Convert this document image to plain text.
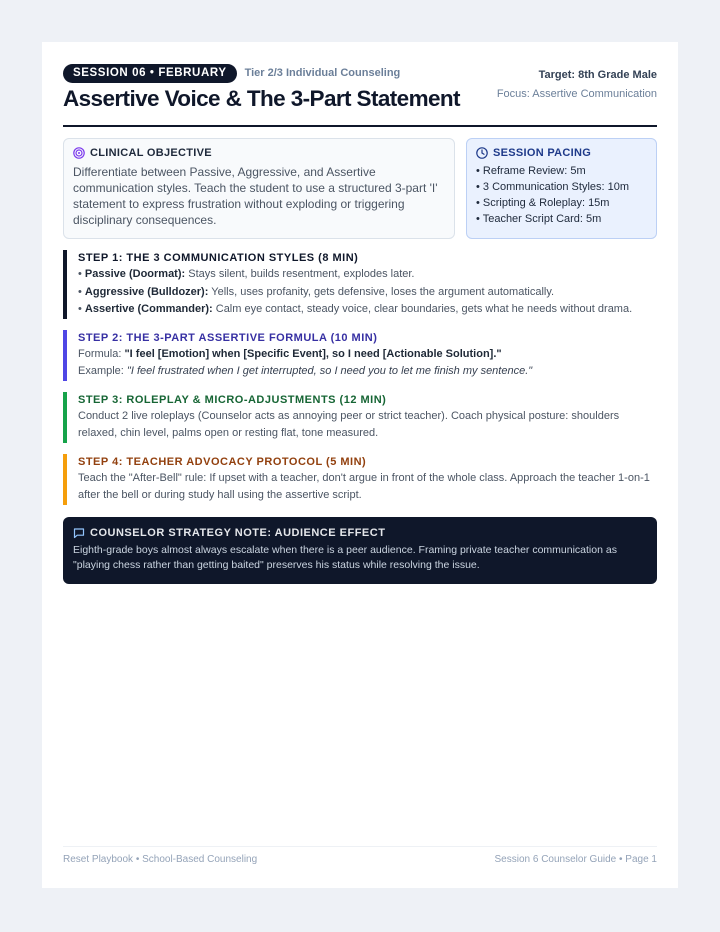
SESSION 06 • FEBRUARY	Tier 2/3 Individual Counseling
Assertive Voice & The 3-Part Statement
Target: 8th Grade Male
Focus: Assertive Communication
CLINICAL OBJECTIVE
Differentiate between Passive, Aggressive, and Assertive communication styles. Teach the student to use a structured 3-part 'I' statement to express frustration without exploding or triggering disciplinary consequences.
SESSION PACING
• Reframe Review: 5m
• 3 Communication Styles: 10m
• Scripting & Roleplay: 15m
• Teacher Script Card: 5m
STEP 1: THE 3 COMMUNICATION STYLES (8 MIN)
• Passive (Doormat): Stays silent, builds resentment, explodes later.
• Aggressive (Bulldozer): Yells, uses profanity, gets defensive, loses the argument automatically.
• Assertive (Commander): Calm eye contact, steady voice, clear boundaries, gets what he needs without drama.
STEP 2: THE 3-PART ASSERTIVE FORMULA (10 MIN)
Formula: "I feel [Emotion] when [Specific Event], so I need [Actionable Solution]."
Example: "I feel frustrated when I get interrupted, so I need you to let me finish my sentence."
STEP 3: ROLEPLAY & MICRO-ADJUSTMENTS (12 MIN)
Conduct 2 live roleplays (Counselor acts as annoying peer or strict teacher). Coach physical posture: shoulders relaxed, chin level, palms open or resting flat, tone measured.
STEP 4: TEACHER ADVOCACY PROTOCOL (5 MIN)
Teach the "After-Bell" rule: If upset with a teacher, don't argue in front of the whole class. Approach the teacher 1-on-1 after the bell or during study hall using the assertive script.
COUNSELOR STRATEGY NOTE: AUDIENCE EFFECT
Eighth-grade boys almost always escalate when there is a peer audience. Framing private teacher communication as "playing chess rather than getting baited" preserves his status while resolving the issue.
Reset Playbook • School-Based Counseling	Session 6 Counselor Guide • Page 1
